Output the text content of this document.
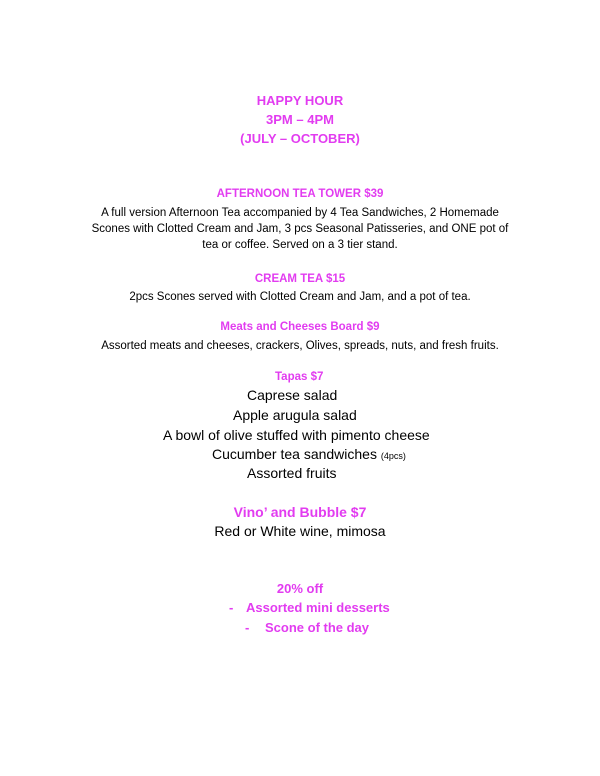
HAPPY HOUR
3PM – 4PM
(JULY – OCTOBER)
AFTERNOON TEA TOWER $39
A full version Afternoon Tea accompanied by 4 Tea Sandwiches, 2 Homemade
Scones with Clotted Cream and Jam, 3 pcs Seasonal Patisseries, and ONE pot of
tea or coffee. Served on a 3 tier stand.
CREAM TEA $15
2pcs Scones served with Clotted Cream and Jam, and a pot of tea.
Meats and Cheeses Board $9
Assorted meats and cheeses, crackers, Olives, spreads, nuts, and fresh fruits.
Tapas $7
Caprese salad
Apple arugula salad
A bowl of olive stuffed with pimento cheese
Cucumber tea sandwiches (4pcs)
Assorted fruits
Vino’ and Bubble $7
Red or White wine, mimosa
20% off
- Assorted mini desserts
- Scone of the day
